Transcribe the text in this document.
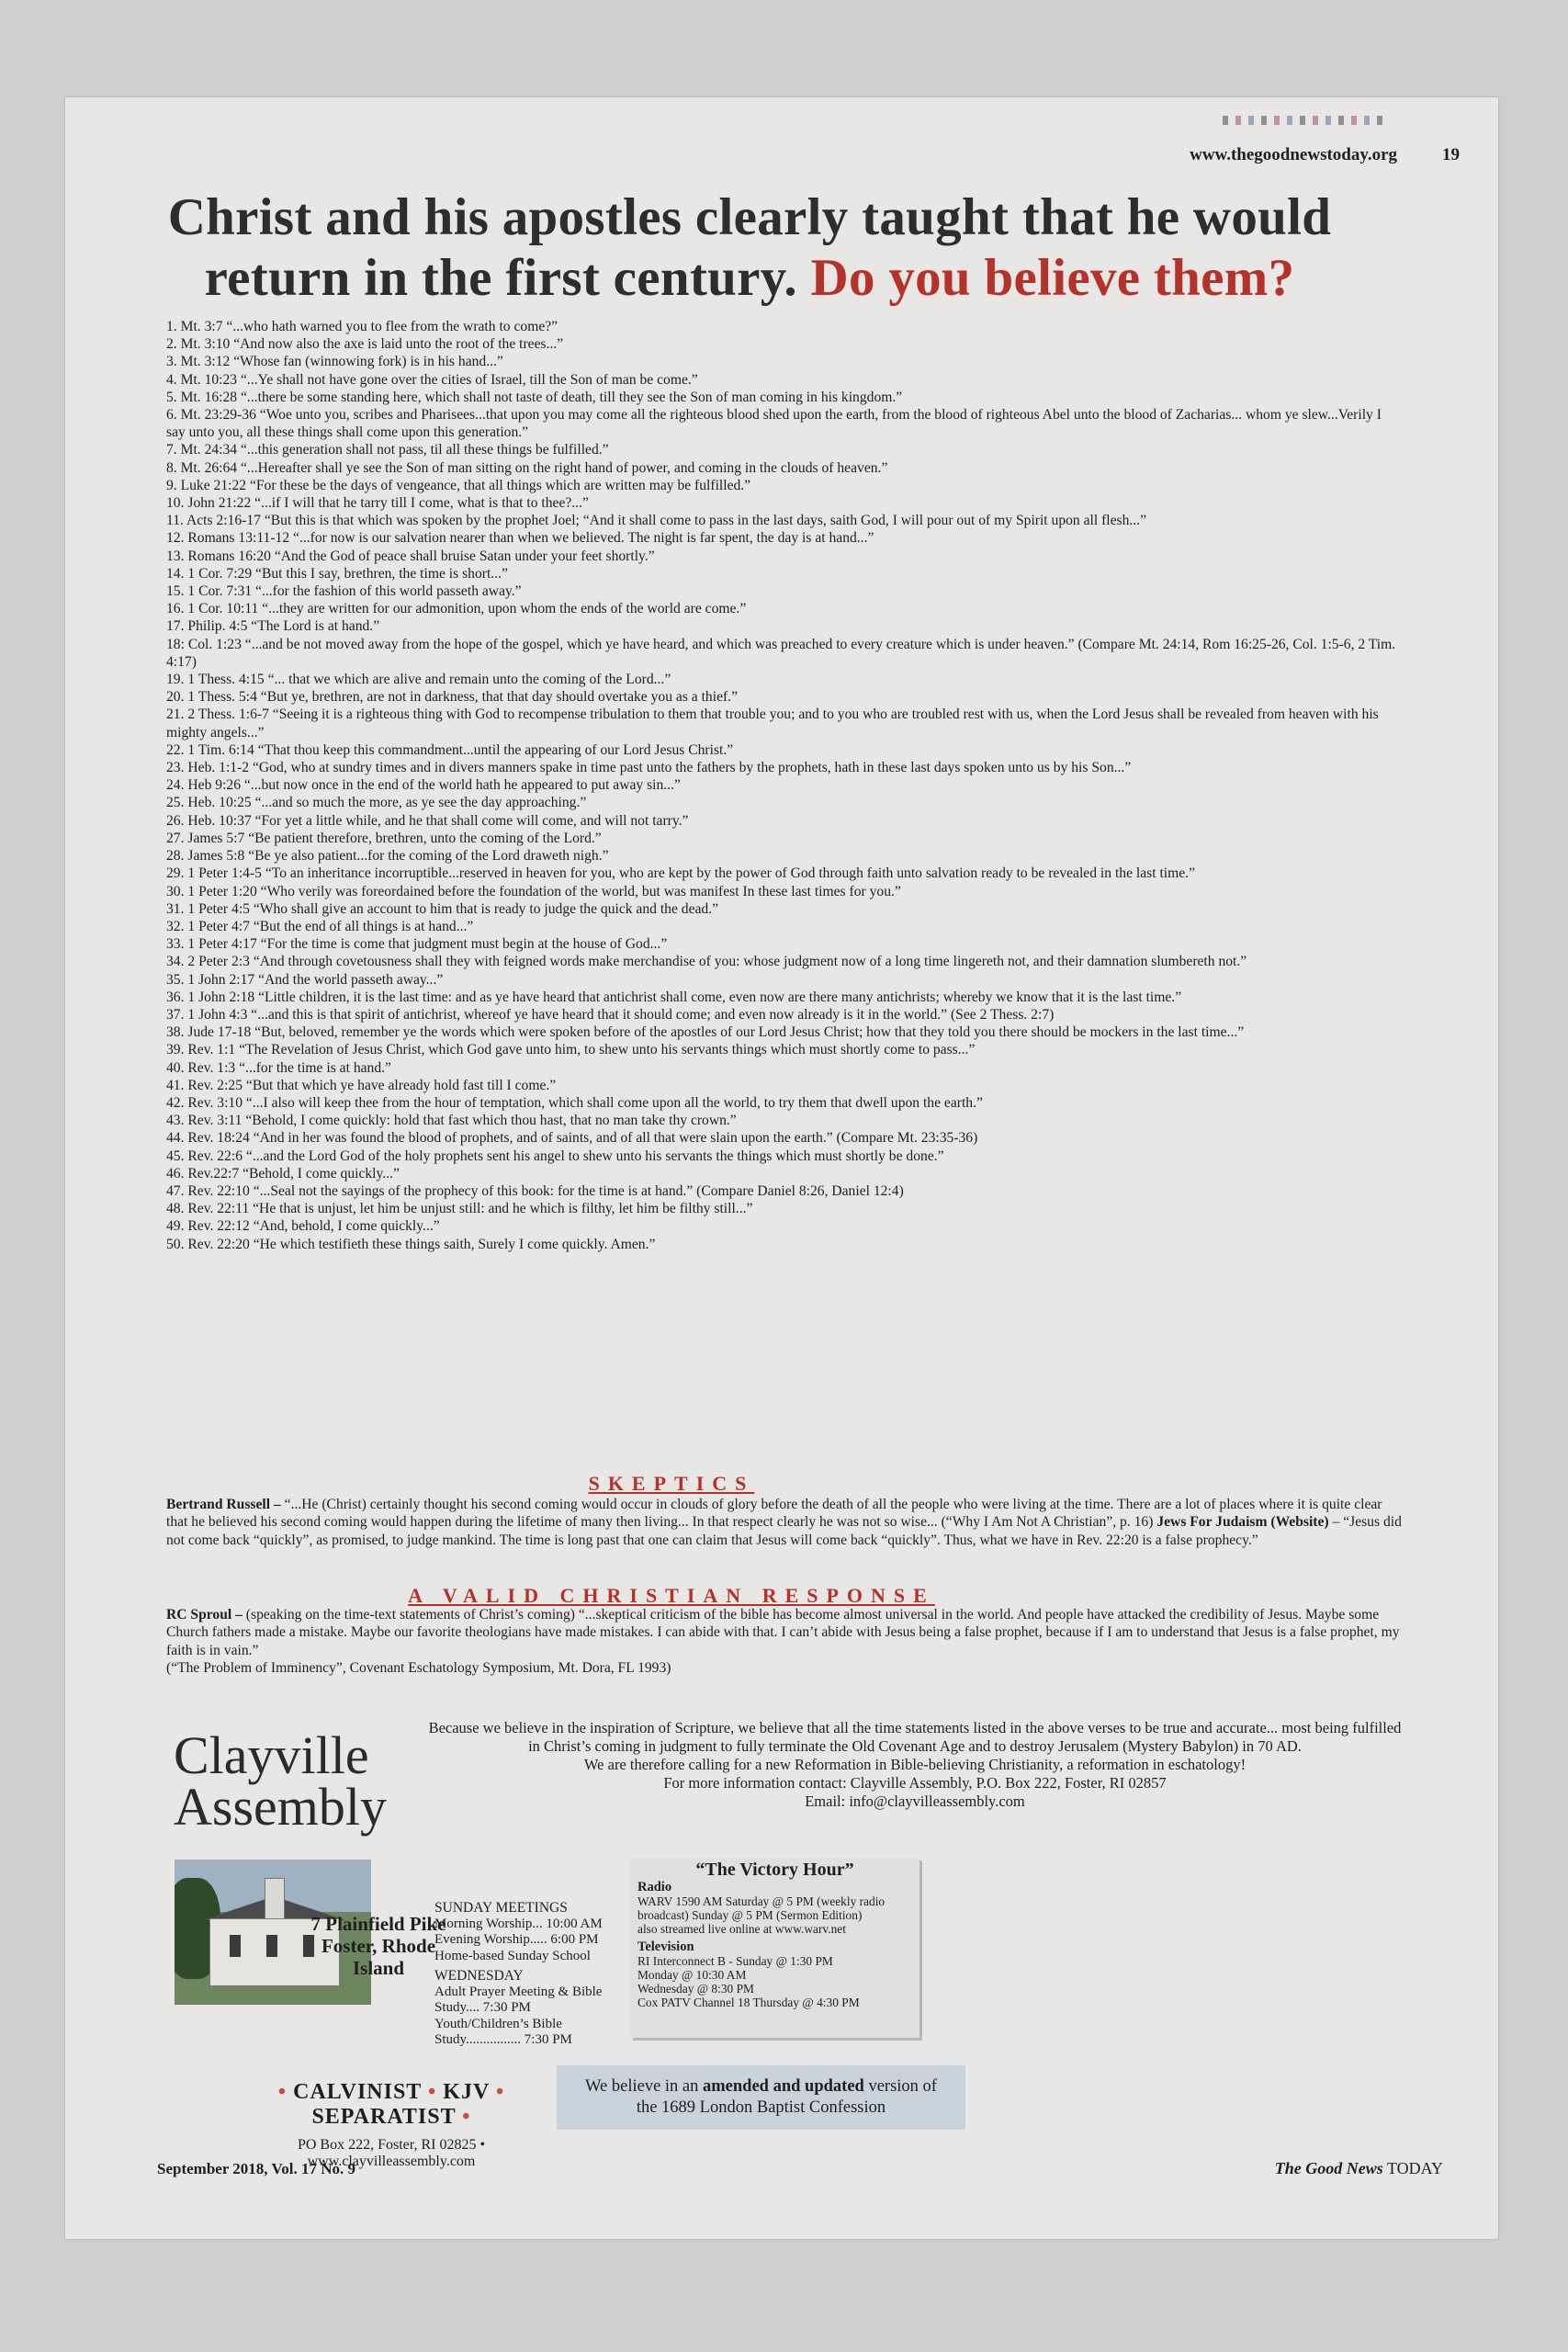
www.thegoodnewstoday.org	19
Christ and his apostles clearly taught that he would
return in the first century. Do you believe them?

1. Mt. 3:7 “...who hath warned you to flee from the wrath to come?”

2. Mt. 3:10 “And now also the axe is laid unto the root of the trees...”

3. Mt. 3:12 “Whose fan (winnowing fork) is in his hand...”

4. Mt. 10:23 “...Ye shall not have gone over the cities of Israel, till the Son of man be come.”

5. Mt. 16:28 “...there be some standing here, which shall not taste of death, till they see the Son of man coming in his kingdom.”

6. Mt. 23:29-36 “Woe unto you, scribes and Pharisees...that upon you may come all the righteous blood shed upon the earth, from the blood of righteous Abel unto the blood of Zacharias... whom ye slew...Verily I say unto you, all these things shall come upon this generation.”

7. Mt. 24:34 “...this generation shall not pass, til all these things be fulfilled.”

8. Mt. 26:64 “...Hereafter shall ye see the Son of man sitting on the right hand of power, and coming in the clouds of heaven.”

9. Luke 21:22 “For these be the days of vengeance, that all things which are written may be fulfilled.”

10. John 21:22 “...if I will that he tarry till I come, what is that to thee?...”

11. Acts 2:16-17 “But this is that which was spoken by the prophet Joel; “And it shall come to pass in the last days, saith God, I will pour out of my Spirit upon all flesh...”

12. Romans 13:11-12 “...for now is our salvation nearer than when we believed. The night is far spent, the day is at hand...”

13. Romans 16:20 “And the God of peace shall bruise Satan under your feet shortly.”

14. 1 Cor. 7:29 “But this I say, brethren, the time is short...”

15. 1 Cor. 7:31 “...for the fashion of this world passeth away.”

16. 1 Cor. 10:11 “...they are written for our admonition, upon whom the ends of the world are come.”

17. Philip. 4:5 “The Lord is at hand.”

18: Col. 1:23 “...and be not moved away from the hope of the gospel, which ye have heard, and which was preached to every creature which is under heaven.” (Compare Mt. 24:14, Rom 16:25-26, Col. 1:5-6, 2 Tim. 4:17)

19. 1 Thess. 4:15 “... that we which are alive and remain unto the coming of the Lord...”

20. 1 Thess. 5:4 “But ye, brethren, are not in darkness, that that day should overtake you as a thief.”

21. 2 Thess. 1:6-7 “Seeing it is a righteous thing with God to recompense tribulation to them that trouble you; and to you who are troubled rest with us, when the Lord Jesus shall be revealed from heaven with his mighty angels...”

22. 1 Tim. 6:14 “That thou keep this commandment...until the appearing of our Lord Jesus Christ.”

23. Heb. 1:1-2 “God, who at sundry times and in divers manners spake in time past unto the fathers by the prophets, hath in these last days spoken unto us by his Son...”

24. Heb 9:26 “...but now once in the end of the world hath he appeared to put away sin...”

25. Heb. 10:25 “...and so much the more, as ye see the day approaching.”

26. Heb. 10:37 “For yet a little while, and he that shall come will come, and will not tarry.”

27. James 5:7 “Be patient therefore, brethren, unto the coming of the Lord.”

28. James 5:8 “Be ye also patient...for the coming of the Lord draweth nigh.”

29. 1 Peter 1:4-5 “To an inheritance incorruptible...reserved in heaven for you, who are kept by the power of God through faith unto salvation ready to be revealed in the last time.”

30. 1 Peter 1:20 “Who verily was foreordained before the foundation of the world, but was manifest In these last times for you.”

31. 1 Peter 4:5 “Who shall give an account to him that is ready to judge the quick and the dead.”

32. 1 Peter 4:7 “But the end of all things is at hand...”

33. 1 Peter 4:17 “For the time is come that judgment must begin at the house of God...”

34. 2 Peter 2:3 “And through covetousness shall they with feigned words make merchandise of you: whose judgment now of a long time lingereth not, and their damnation slumbereth not.”

35. 1 John 2:17 “And the world passeth away...”

36. 1 John 2:18 “Little children, it is the last time: and as ye have heard that antichrist shall come, even now are there many antichrists; whereby we know that it is the last time.”

37. 1 John 4:3 “...and this is that spirit of antichrist, whereof ye have heard that it should come; and even now already is it in the world.” (See 2 Thess. 2:7)

38. Jude 17-18 “But, beloved, remember ye the words which were spoken before of the apostles of our Lord Jesus Christ; how that they told you there should be mockers in the last time...”

39. Rev. 1:1 “The Revelation of Jesus Christ, which God gave unto him, to shew unto his servants things which must shortly come to pass...”

40. Rev. 1:3 “...for the time is at hand.”

41. Rev. 2:25 “But that which ye have already hold fast till I come.”

42. Rev. 3:10 “...I also will keep thee from the hour of temptation, which shall come upon all the world, to try them that dwell upon the earth.”

43. Rev. 3:11 “Behold, I come quickly: hold that fast which thou hast, that no man take thy crown.”

44. Rev. 18:24 “And in her was found the blood of prophets, and of saints, and of all that were slain upon the earth.” (Compare Mt. 23:35-36)

45. Rev. 22:6 “...and the Lord God of the holy prophets sent his angel to shew unto his servants the things which must shortly be done.”

46. Rev.22:7 “Behold, I come quickly...”

47. Rev. 22:10 “...Seal not the sayings of the prophecy of this book: for the time is at hand.” (Compare Daniel 8:26, Daniel 12:4)

48. Rev. 22:11 “He that is unjust, let him be unjust still: and he which is filthy, let him be filthy still...”

49. Rev. 22:12 “And, behold, I come quickly...”

50. Rev. 22:20 “He which testifieth these things saith, Surely I come quickly. Amen.”

SKEPTICS
Bertrand Russell – “...He (Christ) certainly thought his second coming would occur in clouds of glory before the death of all the people who were living at the time. There are a lot of places where it is quite clear that he believed his second coming would happen during the lifetime of many then living... In that respect clearly he was not so wise... (“Why I Am Not A Christian”, p. 16) Jews For Judaism (Website) – “Jesus did not come back “quickly”, as promised, to judge mankind. The time is long past that one can claim that Jesus will come back “quickly”. Thus, what we have in Rev. 22:20 is a false prophecy.”
A VALID CHRISTIAN RESPONSE
RC Sproul – (speaking on the time-text statements of Christ’s coming) “...skeptical criticism of the bible has become almost universal in the world. And people have attacked the credibility of Jesus. Maybe some Church fathers made a mistake. Maybe our favorite theologians have made mistakes. I can abide with that. I can’t abide with Jesus being a false prophet, because if I am to understand that Jesus is a false prophet, my faith is in vain.”
(“The Problem of Imminency”, Covenant Eschatology Symposium, Mt. Dora, FL 1993)
Clayville
Assembly
Because we believe in the inspiration of Scripture, we believe that all the time statements listed in the above verses to be true and accurate... most being fulfilled in Christ’s coming in judgment to fully terminate the Old Covenant Age and to destroy Jerusalem (Mystery Babylon) in 70 AD.
We are therefore calling for a new Reformation in Bible-believing Christianity, a reformation in eschatology!
For more information contact: Clayville Assembly, P.O. Box 222, Foster, RI 02857
Email: info@clayvilleassembly.com
7 Plainfield Pike
Foster, Rhode Island
SUNDAY MEETINGS
Morning Worship... 10:00 AM
Evening Worship..... 6:00 PM
Home-based Sunday School
WEDNESDAY
Adult Prayer Meeting & Bible Study.... 7:30 PM
Youth/Children’s Bible Study................ 7:30 PM
“The Victory Hour”
Radio
WARV 1590 AM Saturday @ 5 PM (weekly radio broadcast) Sunday @ 5 PM (Sermon Edition)
also streamed live online at www.warv.net
Television
RI Interconnect B - Sunday @ 1:30 PM
Monday @ 10:30 AM
Wednesday @ 8:30 PM
Cox PATV Channel 18 Thursday @ 4:30 PM
• CALVINIST • KJV • SEPARATIST •
PO Box 222, Foster, RI 02825 • www.clayvilleassembly.com
We believe in an amended and updated version of
the 1689 London Baptist Confession
September 2018, Vol. 17 No. 9	The Good News TODAY
